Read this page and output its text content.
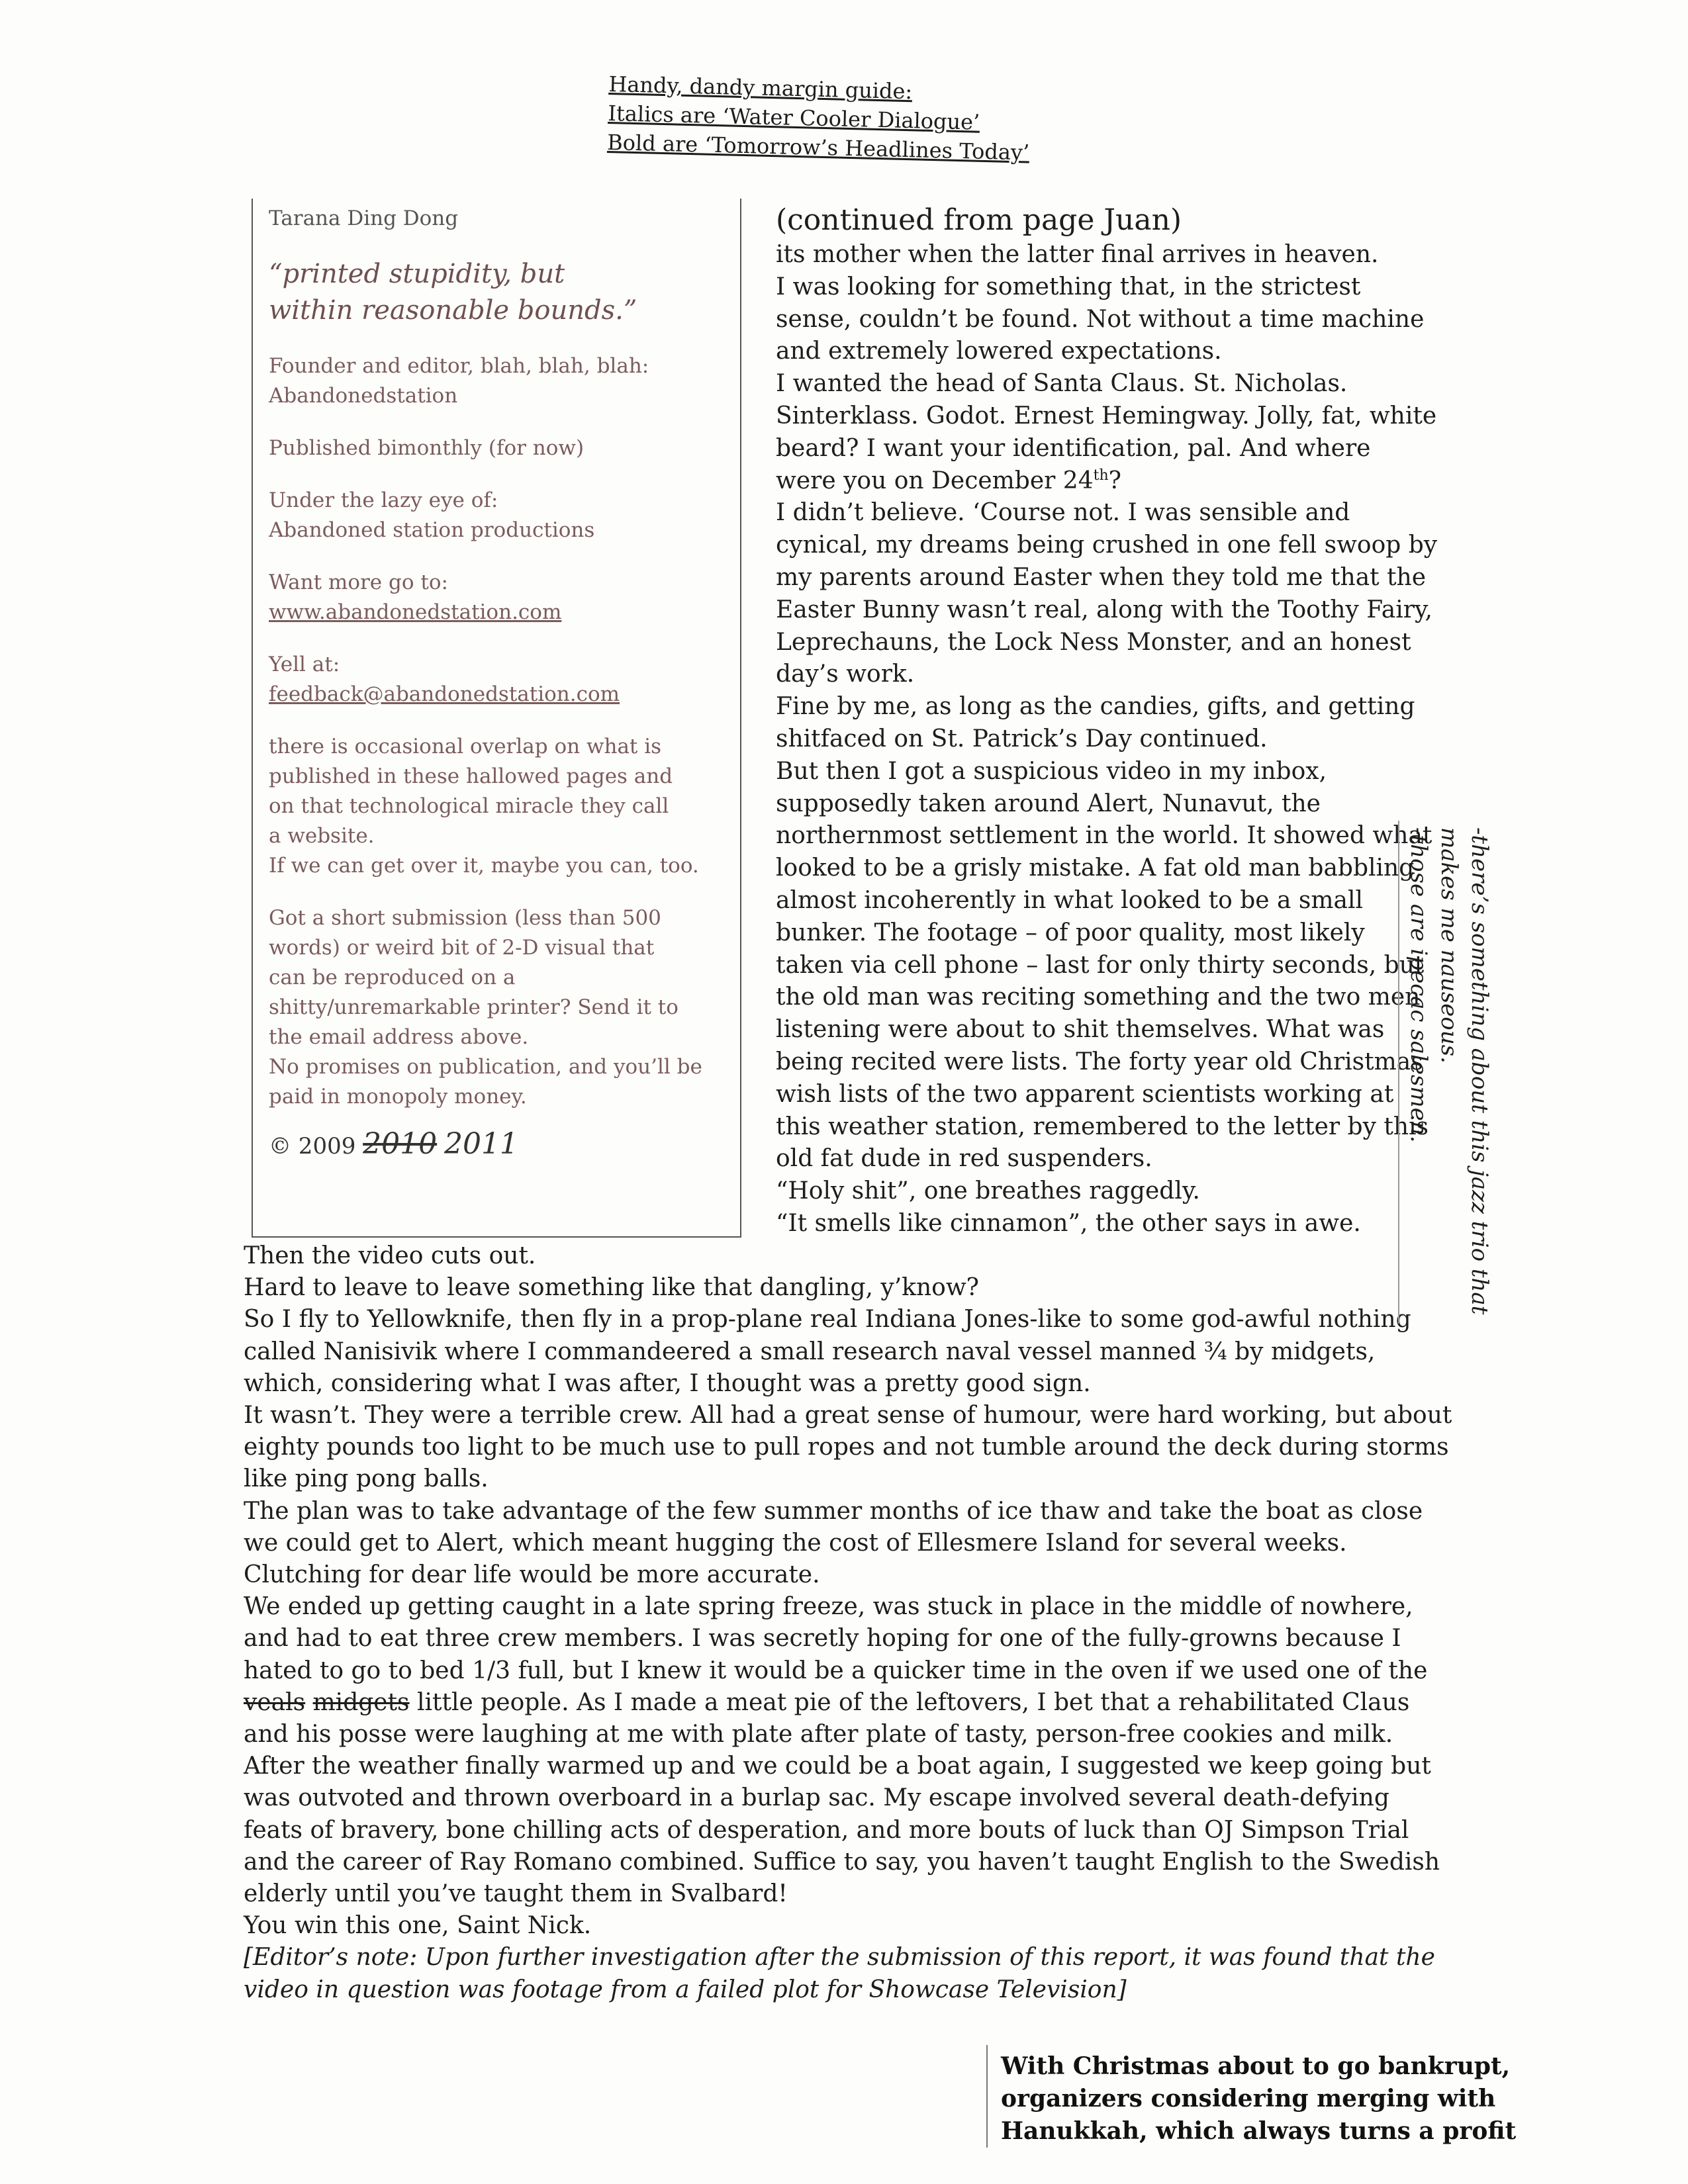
Handy, dandy margin guide:
Italics are ‘Water Cooler Dialogue’
Bold are ‘Tomorrow’s Headlines Today’
Tarana Ding Dong
“printed stupidity, but
within reasonable bounds.”
Founder and editor, blah, blah, blah:
Abandonedstation
Published bimonthly (for now)
Under the lazy eye of:
Abandoned station productions
Want more go to:
www.abandonedstation.com
Yell at:
feedback@abandonedstation.com
there is occasional overlap on what is
published in these hallowed pages and
on that technological miracle they call
a website.
If we can get over it, maybe you can, too.
Got a short submission (less than 500
words) or weird bit of 2-D visual that
can be reproduced on a
shitty/unremarkable printer? Send it to
the email address above.
No promises on publication, and you’ll be
paid in monopoly money.
© 2009 2010 2011
(continued from page Juan)

its mother when the latter final arrives in heaven.

I was looking for something that, in the strictest sense, couldn’t be found. Not without a time machine and extremely lowered expectations.

I wanted the head of Santa Claus. St. Nicholas. Sinterklass. Godot. Ernest Hemingway. Jolly, fat, white beard? I want your identification, pal. And where were you on December 24th?

I didn’t believe. ‘Course not. I was sensible and cynical, my dreams being crushed in one fell swoop by my parents around Easter when they told me that the Easter Bunny wasn’t real, along with the Toothy Fairy, Leprechauns, the Lock Ness Monster, and an honest day’s work.

Fine by me, as long as the candies, gifts, and getting shitfaced on St. Patrick’s Day continued.

But then I got a suspicious video in my inbox, supposedly taken around Alert, Nunavut, the northernmost settlement in the world. It showed what looked to be a grisly mistake. A fat old man babbling almost incoherently in what looked to be a small bunker. The footage – of poor quality, most likely taken via cell phone – last for only thirty seconds, but the old man was reciting something and the two men listening were about to shit themselves. What was being recited were lists. The forty year old Christmas wish lists of the two apparent scientists working at this weather station, remembered to the letter by this old fat dude in red suspenders.

“Holy shit”, one breathes raggedly.

“It smells like cinnamon”, the other says in awe.

Then the video cuts out.

Hard to leave to leave something like that dangling, y’know?

So I fly to Yellowknife, then fly in a prop-plane real Indiana Jones-like to some god-awful nothing called Nanisivik where I commandeered a small research naval vessel manned ¾ by midgets, which, considering what I was after, I thought was a pretty good sign.

It wasn’t. They were a terrible crew. All had a great sense of humour, were hard working, but about eighty pounds too light to be much use to pull ropes and not tumble around the deck during storms like ping pong balls.

The plan was to take advantage of the few summer months of ice thaw and take the boat as close we could get to Alert, which meant hugging the cost of Ellesmere Island for several weeks. Clutching for dear life would be more accurate.

We ended up getting caught in a late spring freeze, was stuck in place in the middle of nowhere, and had to eat three crew members. I was secretly hoping for one of the fully-growns because I hated to go to bed 1/3 full, but I knew it would be a quicker time in the oven if we used one of the veals midgets little people. As I made a meat pie of the leftovers, I bet that a rehabilitated Claus and his posse were laughing at me with plate after plate of tasty, person-free cookies and milk.

After the weather finally warmed up and we could be a boat again, I suggested we keep going but was outvoted and thrown overboard in a burlap sac. My escape involved several death-defying feats of bravery, bone chilling acts of desperation, and more bouts of luck than OJ Simpson Trial and the career of Ray Romano combined. Suffice to say, you haven’t taught English to the Swedish elderly until you’ve taught them in Svalbard!

You win this one, Saint Nick.

[Editor’s note: Upon further investigation after the submission of this report, it was found that the video in question was footage from a failed plot for Showcase Television]

-there’s something about this jazz trio that
makes me nauseous.
-those are ipecac salesmen.
With Christmas about to go bankrupt,
organizers considering merging with
Hanukkah, which always turns a profit
